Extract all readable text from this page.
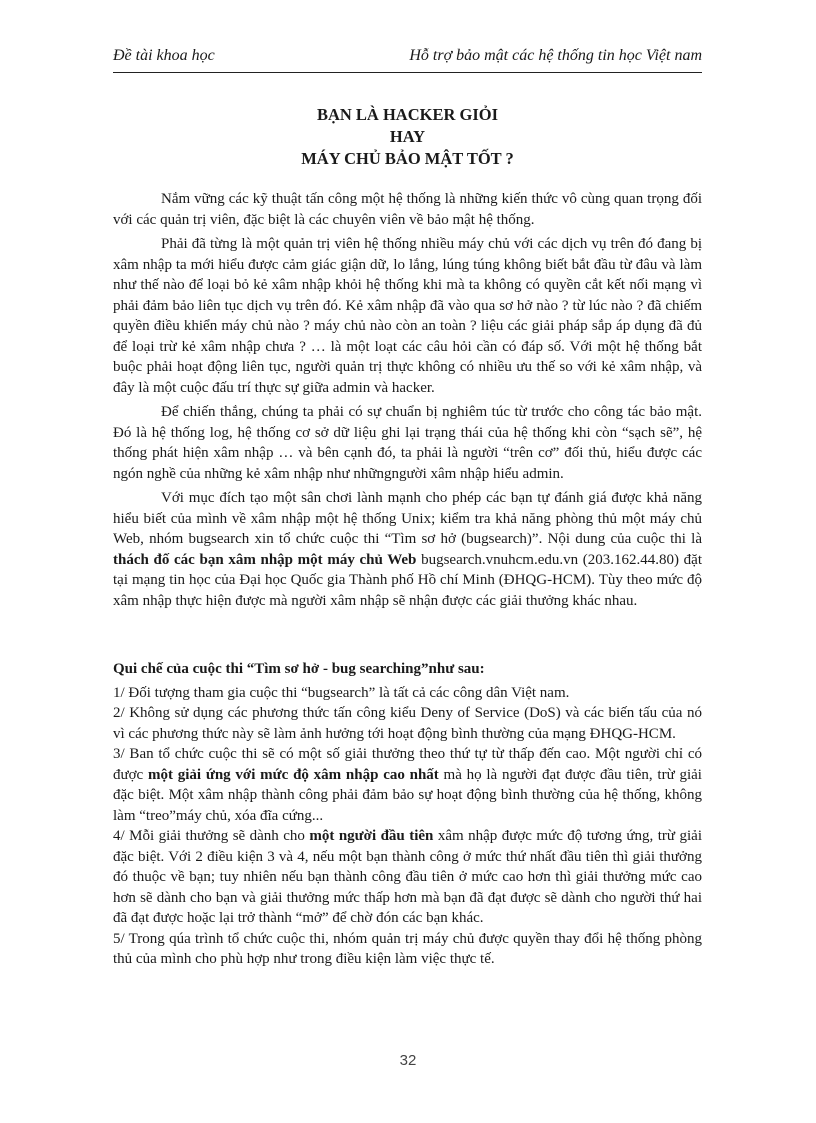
Đề tài khoa học	Hỗ trợ bảo mật các hệ thống tin học Việt nam
BẠN LÀ HACKER GIỎI
HAY
MÁY CHỦ BẢO MẬT TỐT ?

Nắm vững các kỹ thuật tấn công một hệ thống là những kiến thức vô cùng quan trọng đối với các quản trị viên, đặc biệt là các chuyên viên về bảo mật hệ thống.

Phải đã từng là một quản trị viên hệ thống nhiều máy chủ với các dịch vụ trên đó đang bị xâm nhập ta mới hiểu được cảm giác giận dữ, lo lắng, lúng túng không biết bắt đầu từ đâu và làm như thế nào để loại bỏ kẻ xâm nhập khỏi hệ thống khi mà ta không có quyền cắt kết nối mạng vì phải đảm bảo liên tục dịch vụ trên đó. Kẻ xâm nhập đã vào qua sơ hở nào ? từ lúc nào ? đã chiếm quyền điều khiển máy chủ nào ? máy chủ nào còn an toàn ? liệu các giải pháp sắp áp dụng đã đủ để loại trừ kẻ xâm nhập chưa ? … là một loạt các câu hỏi cần có đáp số. Với một hệ thống bắt buộc phải hoạt động liên tục, người quản trị thực không có nhiều ưu thế so với kẻ xâm nhập, và đây là một cuộc đấu trí thực sự giữa admin và hacker.

Để chiến thắng, chúng ta phải có sự chuẩn bị nghiêm túc từ trước cho công tác bảo mật. Đó là hệ thống log, hệ thống cơ sở dữ liệu ghi lại trạng thái của hệ thống khi còn “sạch sẽ”, hệ thống phát hiện xâm nhập … và bên cạnh đó, ta phải là người “trên cơ” đối thủ, hiểu được các ngón nghề của những kẻ xâm nhập như nhữngngười xâm nhập hiểu admin.

Với mục đích tạo một sân chơi lành mạnh cho phép các bạn tự đánh giá được khả năng hiểu biết của mình về xâm nhập một hệ thống Unix; kiểm tra khả năng phòng thủ một máy chủ Web, nhóm bugsearch xin tổ chức cuộc thi “Tìm sơ hở (bugsearch)”. Nội dung của cuộc thi là thách đố các bạn xâm nhập một máy chủ Web bugsearch.vnuhcm.edu.vn (203.162.44.80) đặt tại mạng tin học của Đại học Quốc gia Thành phố Hồ chí Minh (ĐHQG-HCM). Tùy theo mức độ xâm nhập thực hiện được mà người xâm nhập sẽ nhận được các giải thưởng khác nhau.

Qui chế của cuộc thi “Tìm sơ hở - bug searching”như sau:

1/ Đối tượng tham gia cuộc thi “bugsearch” là tất cả các công dân Việt nam.

2/ Không sử dụng các phương thức tấn công kiểu Deny of Service (DoS) và các biến tấu của nó vì các phương thức này sẽ làm ảnh hưởng tới hoạt động bình thường của mạng ĐHQG-HCM.

3/ Ban tổ chức cuộc thi sẽ có một số giải thưởng theo thứ tự từ thấp đến cao. Một người chỉ có được một giải ứng với mức độ xâm nhập cao nhất mà họ là người đạt được đầu tiên, trừ giải đặc biệt. Một xâm nhập thành công phải đảm bảo sự hoạt động bình thường của hệ thống, không làm “treo”máy chủ, xóa đĩa cứng...

4/ Mỗi giải thưởng sẽ dành cho một người đầu tiên xâm nhập được mức độ tương ứng, trừ giải đặc biệt. Với 2 điều kiện 3 và 4, nếu một bạn thành công ở mức thứ nhất đầu tiên thì giải thưởng đó thuộc về bạn; tuy nhiên nếu bạn thành công đầu tiên ở mức cao hơn thì giải thưởng mức cao hơn sẽ dành cho bạn và giải thưởng mức thấp hơn mà bạn đã đạt được sẽ dành cho người thứ hai đã đạt được hoặc lại trở thành “mở” để chờ đón các bạn khác.

5/ Trong qúa trình tổ chức cuộc thi, nhóm quản trị máy chủ được quyền thay đổi hệ thống phòng thủ của mình cho phù hợp như trong điều kiện làm việc thực tế.

32
